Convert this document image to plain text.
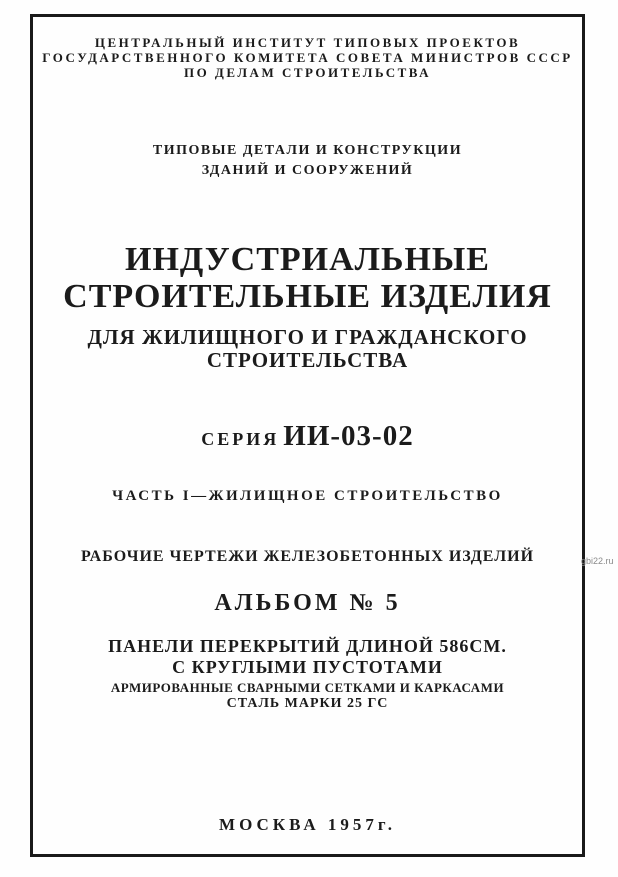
ЦЕНТРАЛЬНЫЙ ИНСТИТУТ ТИПОВЫХ ПРОЕКТОВ
ГОСУДАРСТВЕННОГО КОМИТЕТА СОВЕТА МИНИСТРОВ СССР
ПО ДЕЛАМ СТРОИТЕЛЬСТВА
ТИПОВЫЕ ДЕТАЛИ И КОНСТРУКЦИИ
ЗДАНИЙ И СООРУЖЕНИЙ
ИНДУСТРИАЛЬНЫЕ
СТРОИТЕЛЬНЫЕ ИЗДЕЛИЯ
ДЛЯ ЖИЛИЩНОГО И ГРАЖДАНСКОГО
СТРОИТЕЛЬСТВА
СЕРИЯ ИИ-03-02
ЧАСТЬ I—ЖИЛИЩНОЕ СТРОИТЕЛЬСТВО
РАБОЧИЕ ЧЕРТЕЖИ ЖЕЛЕЗОБЕТОННЫХ ИЗДЕЛИЙ
АЛЬБОМ № 5
ПАНЕЛИ ПЕРЕКРЫТИЙ ДЛИНОЙ 586СМ.
С КРУГЛЫМИ ПУСТОТАМИ
АРМИРОВАННЫЕ СВАРНЫМИ СЕТКАМИ И КАРКАСАМИ
СТАЛЬ МАРКИ 25 ГС
МОСКВА 1957г.
gbi22.ru
